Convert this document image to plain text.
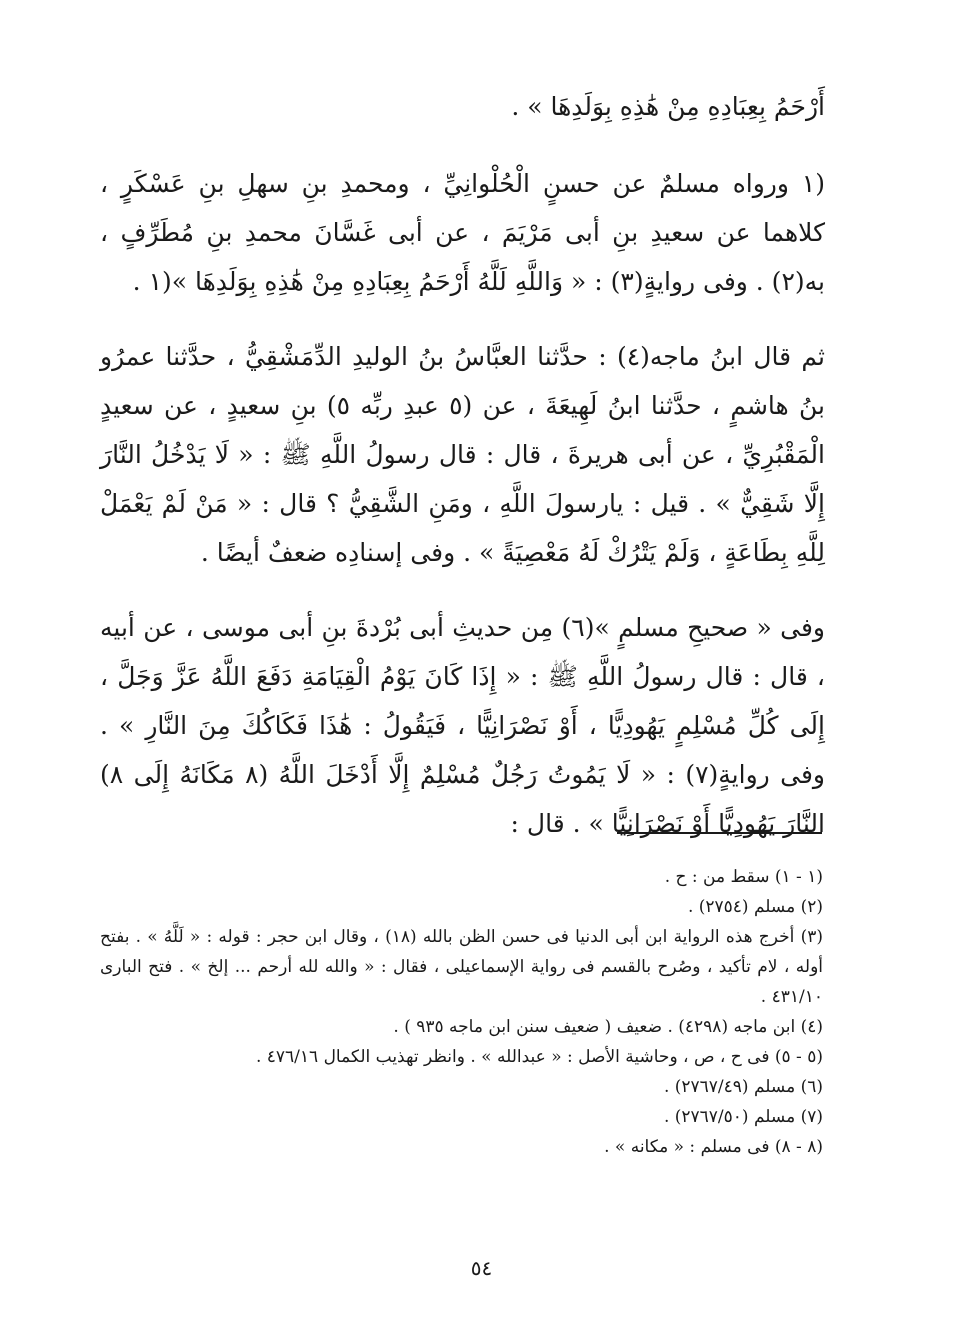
أَرْحَمُ بِعِبَادِهِ مِنْ هَٰذِهِ بِوَلَدِهَا » .

(١ ورواه مسلمٌ عن حسنٍ الْحُلْوانِيِّ ، ومحمدِ بنِ سهلِ بنِ عَسْكَرٍ ، كلاهما عن سعيدِ بنِ أبى مَرْيَمَ ، عن أبى غَسَّانَ محمدِ بنِ مُطَرِّفٍ ، به(٢) . وفى روايةٍ(٣) : « وَاللَّهِ لَلَّهُ أَرْحَمُ بِعِبَادِهِ مِنْ هَٰذِهِ بِوَلَدِهَا »(١ .

ثم قال ابنُ ماجه(٤) : حدَّثنا العبَّاسُ بنُ الوليدِ الدِّمَشْقِيُّ ، حدَّثنا عمرُو بنُ هاشمٍ ، حدَّثنا ابنُ لَهِيعَةَ ، عن (٥ عبدِ ربِّه ٥) بنِ سعيدٍ ، عن سعيدٍ الْمَقْبُرِيِّ ، عن أبى هريرةَ ، قال : قال رسولُ اللَّهِ ﷺ : « لَا يَدْخُلُ النَّارَ إِلَّا شَقِيٌّ » . قيل : يارسولَ اللَّهِ ، ومَنِ الشَّقِيُّ ؟ قال : « مَنْ لَمْ يَعْمَلْ لِلَّهِ بِطَاعَةٍ ، وَلَمْ يَتْرُكْ لَهُ مَعْصِيَةً » . وفى إسنادِه ضعفٌ أيضًا .

وفى « صحيحِ مسلمٍ »(٦) مِن حديثِ أبى بُرْدةَ بنِ أبى موسى ، عن أبيه ، قال : قال رسولُ اللَّهِ ﷺ : « إِذَا كَانَ يَوْمُ الْقِيَامَةِ دَفَعَ اللَّهُ عَزَّ وَجَلَّ ، إِلَى كُلِّ مُسْلِمٍ يَهُودِيًّا ، أَوْ نَصْرَانِيًّا ، فَيَقُولُ : هَٰذَا فَكَاكُكَ مِنَ النَّارِ » . وفى روايةٍ(٧) : « لَا يَمُوتُ رَجُلٌ مُسْلِمٌ إِلَّا أَدْخَلَ اللَّهُ (٨ مَكَانَهُ إِلَى ٨) النَّارَ يَهُودِيًّا أَوْ نَصْرَانِيًّا » . قال :

(١ - ١) سقط من : ح .
(٢) مسلم (٢٧٥٤) .
(٣) أخرج هذه الرواية ابن أبى الدنيا فى حسن الظن بالله (١٨) ، وقال ابن حجر : قوله : « لَلَّهُ » . بفتح أوله ، لام تأكيد ، وصُرح بالقسم فى رواية الإسماعيلى ، فقال : « والله لله أرحم ... إلخ » . فتح البارى ٤٣١/١٠ .
(٤) ابن ماجه (٤٢٩٨) . ضعيف ( ضعيف سنن ابن ماجه ٩٣٥ ) .
(٥ - ٥) فى ح ، ص ، وحاشية الأصل : « عبدالله » . وانظر تهذيب الكمال ٤٧٦/١٦ .
(٦) مسلم (٢٧٦٧/٤٩) .
(٧) مسلم (٢٧٦٧/٥٠) .
(٨ - ٨) فى مسلم : « مكانه » .
٥٤
